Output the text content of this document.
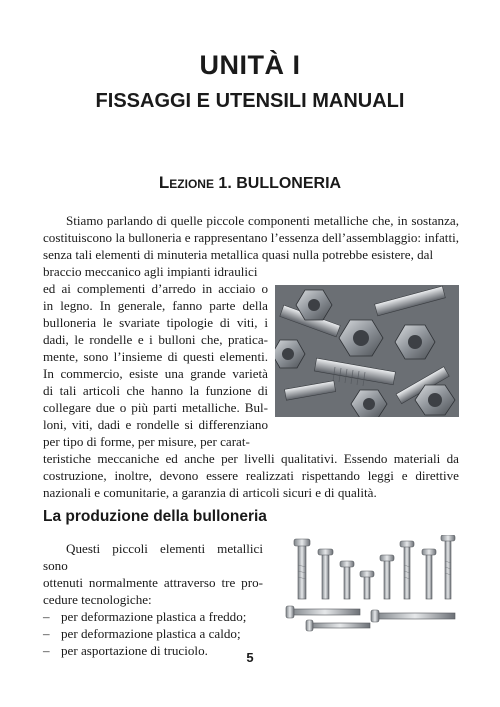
UNITÀ I
FISSAGGI E UTENSILI MANUALI
Lezione 1. BULLONERIA
Stiamo parlando di quelle piccole componenti metalliche che, in sostanza, costituiscono la bulloneria e rappresentano l’essenza dell’assemblaggio: infatti, senza tali elementi di minuteria metallica quasi nulla potrebbe esistere, dal
braccio meccanico agli impianti idraulici
ed ai complementi d’arredo in acciaio o
in legno. In generale, fanno parte della
bulloneria le svariate tipologie di viti, i
dadi, le rondelle e i bulloni che, pratica-
mente, sono l’insieme di questi elementi.
In commercio, esiste una grande varietà
di tali articoli che hanno la funzione di
collegare due o più parti metalliche. Bul-
loni, viti, dadi e rondelle si differenziano
per tipo di forme, per misure, per carat-
teristiche meccaniche ed anche per livelli qualitativi. Essendo materiali da costruzione, inoltre, devono essere realizzati rispettando leggi e direttive nazionali e comunitarie, a garanzia di articoli sicuri e di qualità.
La produzione della bulloneria

Questi piccoli elementi metallici sono

ottenuti normalmente attraverso tre pro-

cedure tecnologiche:

– per deformazione plastica a freddo;
– per deformazione plastica a caldo;
– per asportazione di truciolo.	5
